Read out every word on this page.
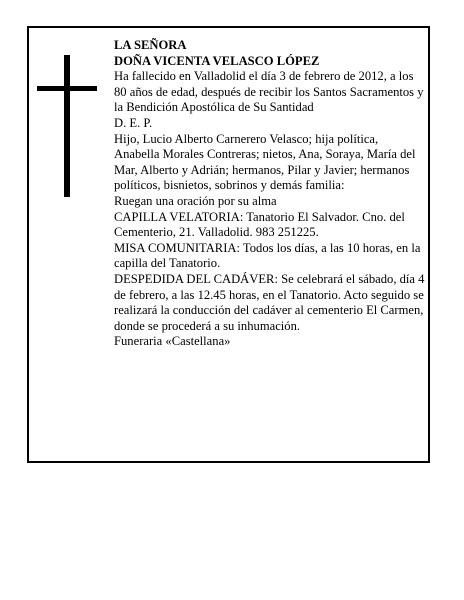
LA SEÑORA

DOÑA VICENTA VELASCO LÓPEZ

Ha fallecido en Valladolid el día 3 de febrero de 2012, a los 80 años de edad, después de recibir los Santos Sacramentos y la Bendición Apostólica de Su Santidad

D. E. P.

Hijo, Lucio Alberto Carnerero Velasco; hija política, Anabella Morales Contreras; nietos, Ana, Soraya, María del Mar, Alberto y Adrián; hermanos, Pilar y Javier; hermanos políticos, bisnietos, sobrinos y demás familia:

Ruegan una oración por su alma

CAPILLA VELATORIA: Tanatorio El Salvador. Cno. del Cementerio, 21. Valladolid. 983 251225.

MISA COMUNITARIA: Todos los días, a las 10 horas, en la capilla del Tanatorio.

DESPEDIDA DEL CADÁVER: Se celebrará el sábado, día 4 de febrero, a las 12.45 horas, en el Tanatorio. Acto seguido se realizará la conducción del cadáver al cementerio El Carmen, donde se procederá a su inhumación.

Funeraria «Castellana»
